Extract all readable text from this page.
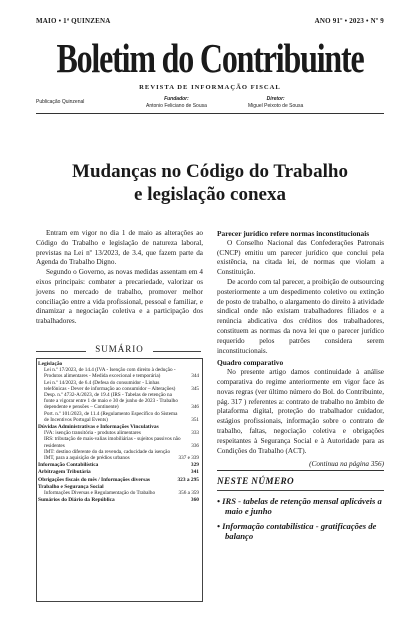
MAIO • 1ª QUINZENA	ANO 91º • 2023 • Nº 9
Boletim do Contribuinte
REVISTA DE INFORMAÇÃO FISCAL
Publicação Quinzenal	Fundador:
Antonio Feliciano de Sousa
Diretor:
Miguel Peixoto de Sousa
Mudanças no Código do Trabalho
e legislação conexa

Entram em vigor no dia 1 de maio as alterações ao Código do Trabalho e legislação de natureza laboral, previstas na Lei nº 13/2023, de 3.4, que fazem parte da Agenda do Trabalho Digno.

Segundo o Governo, as novas medidas assentam em 4 eixos principais: combater a precariedade, valorizar os jovens no mercado de trabalho, promover melhor conciliação entre a vida profissional, pessoal e familiar, e dinamizar a negociação coletiva e a participação dos trabalhadores.

Parecer jurídico refere normas inconstitucionais

O Conselho Nacional das Confederações Patronais (CNCP) emitiu um parecer jurídico que conclui pela existência, na citada lei, de normas que violam a Constituição.

De acordo com tal parecer, a proibição de outsourcing posteriormente a um despedimento coletivo ou extinção de posto de trabalho, o alargamento do direito à atividade sindical onde não existam trabalhadores filiados e a renúncia abdicativa dos créditos dos trabalhadores, constituem as normas da nova lei que o parecer jurídico requerido pelos patrões considera serem inconstitucionais.

Quadro comparativo

No presente artigo damos continuidade à análise comparativa do regime anteriormente em vigor face às novas regras (ver último número do Bol. do Contribuinte, pág. 317 ) referentes a: contrato de trabalho no âmbito de plataforma digital, proteção do trabalhador cuidador, estágios profissionais, informação sobre o contrato de trabalho, faltas, negociação coletiva e obrigações respeitantes à Segurança Social e à Autoridade para as Condições do Trabalho (ACT).

(Continua na página 356)
SUMÁRIO
Legislação
Lei n.º 17/2023, de 14.4 (IVA - Isenção com direito à dedução - Produtos alimentares - Medida excecional e temporária)	344
Lei n.º 14/2023, de 6.4 (Defesa do consumidor - Linhas telefónicas - Dever de informação ao consumidor – Alterações)	345
Desp. n.º 4732-A/2023, de 19.4 (IRS - Tabelas de retenção na fonte a vigorar entre 1 de maio e 30 de junho de 2023 - Trabalho dependente e pensões – Continente)	346
Port. n.º 101/2023, de 11.4 (Regulamento Específico do Sistema de Incentivos Portugal Events)	351
Dúvidas Administrativas e Informações Vinculativas
IVA: isenção transitória - produtos alimentares	333
IRS: tributação de mais-valias imobiliárias - sujeitos passivos não residentes	336
IMT: destino diferente do da revenda, caducidade da isenção IMT, para a aquisição de prédios urbanos	337 e 339
Informação Contabilística	329
Arbitragem Tributária	341
Obrigações fiscais do mês / Informações diversas	323 a 295
Trabalho e Segurança Social
Informações Diversas e Regulamentação do Trabalho	356 a 359
Sumários do Diário da República	360
NESTE NÚMERO
• IRS - tabelas de retenção mensal aplicáveis a maio e junho
• Informação contabilística - gratificações de balanço
